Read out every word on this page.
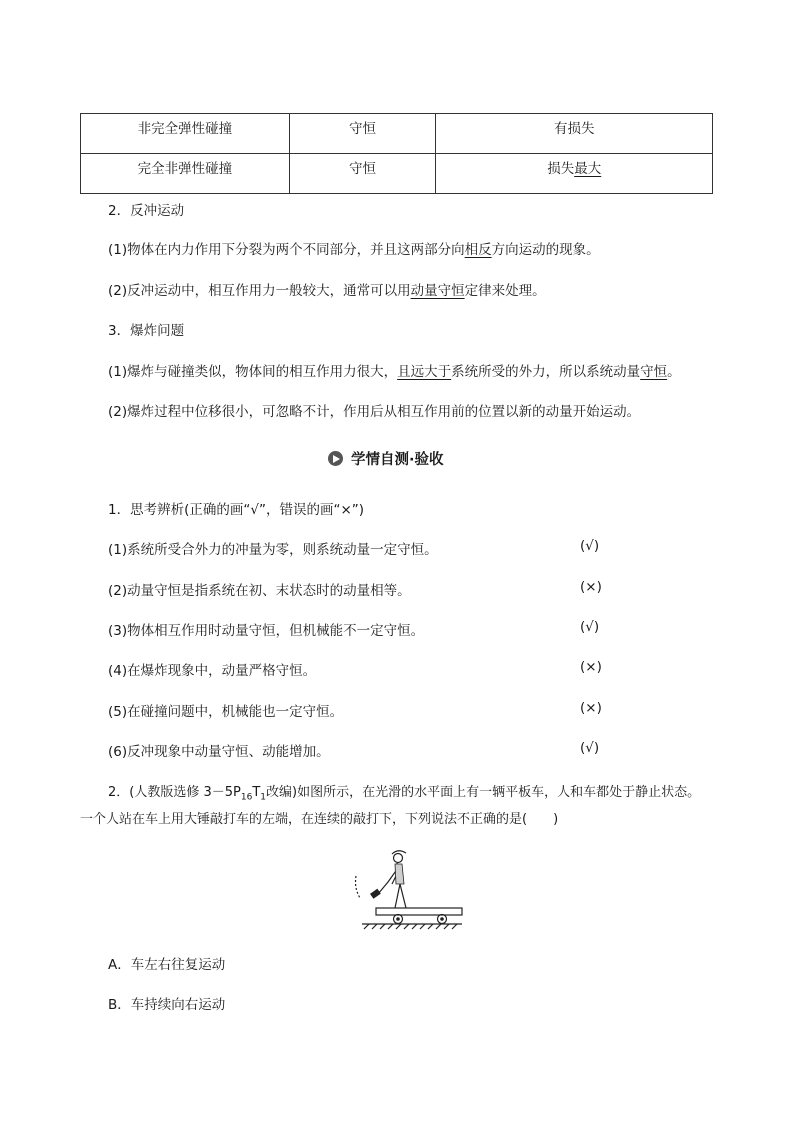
非完全弹性碰撞	守恒	有损失
完全非弹性碰撞	守恒	损失最大
2．反冲运动
(1)物体在内力作用下分裂为两个不同部分，并且这两部分向相反方向运动的现象。
(2)反冲运动中，相互作用力一般较大，通常可以用动量守恒定律来处理。
3．爆炸问题
(1)爆炸与碰撞类似，物体间的相互作用力很大，且远大于系统所受的外力，所以系统动量守恒。
(2)爆炸过程中位移很小，可忽略不计，作用后从相互作用前的位置以新的动量开始运动。
学情自测·验收
1．思考辨析(正确的画“√”，错误的画“×”)
(1)系统所受合外力的冲量为零，则系统动量一定守恒。	(√)
(2)动量守恒是指系统在初、末状态时的动量相等。	(×)
(3)物体相互作用时动量守恒，但机械能不一定守恒。	(√)
(4)在爆炸现象中，动量严格守恒。	(×)
(5)在碰撞问题中，机械能也一定守恒。	(×)
(6)反冲现象中动量守恒、动能增加。	(√)
2．(人教版选修 $3-5P_{16}T_1$改编)如图所示，在光滑的水平面上有一辆平板车，人和车都处于静止状态。
一个人站在车上用大锤敲打车的左端，在连续的敲打下，下列说法不正确的是(　　)
A．车左右往复运动
B．车持续向右运动
